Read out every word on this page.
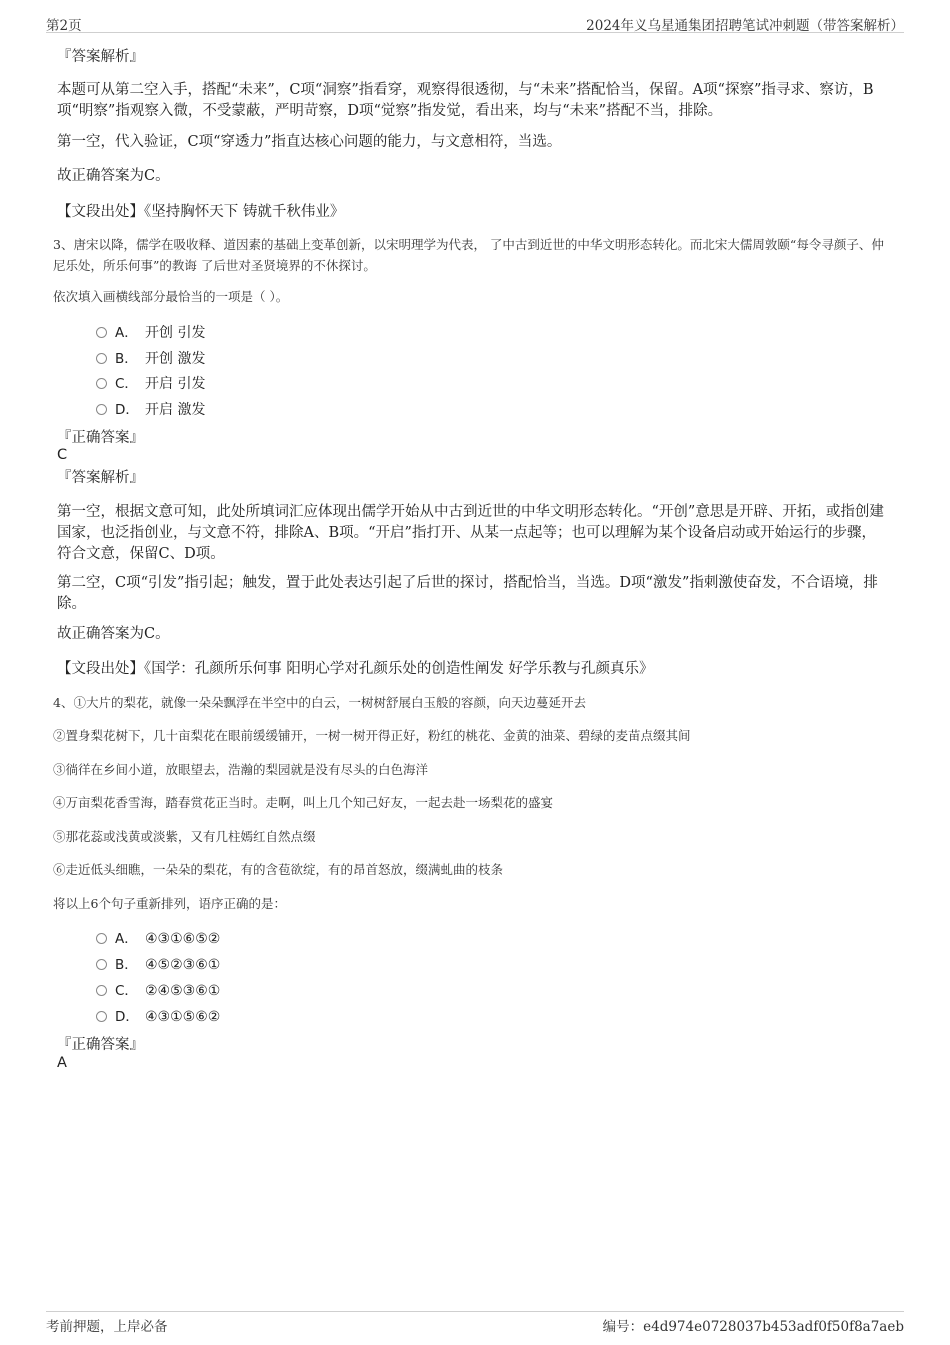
第2页	2024年义乌星通集团招聘笔试冲刺题（带答案解析）
『答案解析』
本题可从第二空入手，搭配“未来”，C项“洞察”指看穿，观察得很透彻，与“未来”搭配恰当，保留。A项“探察”指寻求、察访，B项“明察”指观察入微，不受蒙蔽，严明苛察，D项“觉察”指发觉，看出来，均与“未来”搭配不当，排除。
第一空，代入验证，C项“穿透力”指直达核心问题的能力，与文意相符，当选。
故正确答案为C。
【文段出处】《坚持胸怀天下 铸就千秋伟业》
3、唐宋以降，儒学在吸收释、道因素的基础上变革创新，以宋明理学为代表， 了中古到近世的中华文明形态转化。而北宋大儒周敦颐“每令寻颜子、仲尼乐处，所乐何事”的教诲 了后世对圣贤境界的不休探讨。
依次填入画横线部分最恰当的一项是（ ）。
A． 开创 引发
B． 开创 激发
C． 开启 引发
D． 开启 激发
『正确答案』
C
『答案解析』
第一空，根据文意可知，此处所填词汇应体现出儒学开始从中古到近世的中华文明形态转化。“开创”意思是开辟、开拓，或指创建国家，也泛指创业，与文意不符，排除A、B项。“开启”指打开、从某一点起等；也可以理解为某个设备启动或开始运行的步骤，符合文意，保留C、D项。
第二空，C项“引发”指引起；触发，置于此处表达引起了后世的探讨，搭配恰当，当选。D项“激发”指刺激使奋发，不合语境，排除。
故正确答案为C。
【文段出处】《国学：孔颜所乐何事 阳明心学对孔颜乐处的创造性阐发 好学乐教与孔颜真乐》
4、①大片的梨花，就像一朵朵飘浮在半空中的白云，一树树舒展白玉般的容颜，向天边蔓延开去
②置身梨花树下，几十亩梨花在眼前缓缓铺开，一树一树开得正好，粉红的桃花、金黄的油菜、碧绿的麦苗点缀其间
③徜徉在乡间小道，放眼望去，浩瀚的梨园就是没有尽头的白色海洋
④万亩梨花香雪海，踏春赏花正当时。走啊，叫上几个知己好友，一起去赴一场梨花的盛宴
⑤那花蕊或浅黄或淡紫，又有几柱嫣红自然点缀
⑥走近低头细瞧，一朵朵的梨花，有的含苞欲绽，有的昂首怒放，缀满虬曲的枝条
将以上6个句子重新排列，语序正确的是：
A． ④③①⑥⑤②
B． ④⑤②③⑥①
C． ②④⑤③⑥①
D． ④③①⑤⑥②
『正确答案』
A
考前押题，上岸必备	编号：e4d974e0728037b453adf0f50f8a7aeb
